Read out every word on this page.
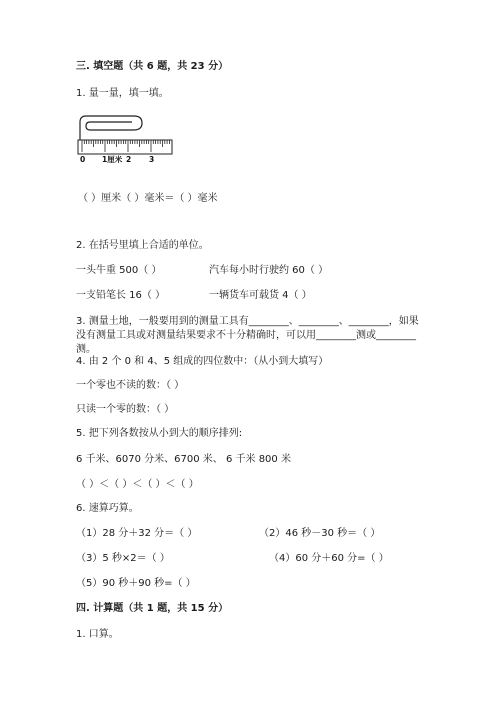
三. 填空题（共 6 题，共 23 分）
1. 量一量，填一填。
0 1厘米 2 3
（ ）厘米（ ）毫米＝（ ）毫米
2. 在括号里填上合适的单位。
一头牛重 500（ ）	汽车每小时行驶约 60（ ）
一支铅笔长 16（ ）	一辆货车可载货 4（ ）
3. 测量土地，一般要用到的测量工具有________、________、________，如果
没有测量工具或对测量结果要求不十分精确时，可以用________测或________
测。
4. 由 2 个 0 和 4、5 组成的四位数中：（从小到大填写）
一个零也不读的数：（ ）
只读一个零的数：（ ）
5. 把下列各数按从小到大的顺序排列:
6 千米、6070 分米、6700 米、 6 千米 800 米
（ ）＜（ ）＜（ ）＜（ ）
6. 速算巧算。
（1）28 分＋32 分＝（ ）	（2）46 秒－30 秒＝（ ）
（3）5 秒×2＝（ ）	（4）60 分＋60 分=（ ）
（5）90 秒＋90 秒=（ ）
四. 计算题（共 1 题，共 15 分）
1. 口算。
